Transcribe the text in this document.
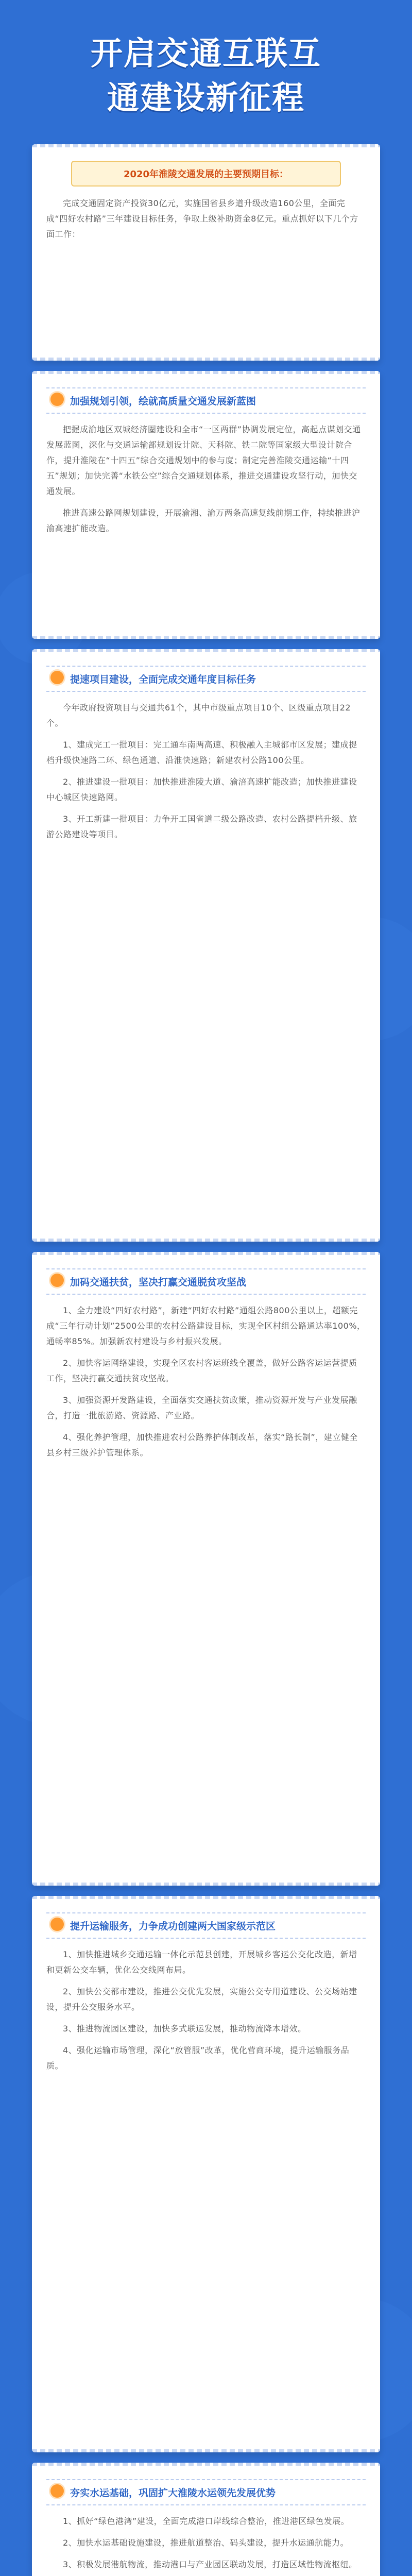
开启交通互联互
通建设新征程
2020年淮陵交通发展的主要预期目标：

完成交通固定资产投资30亿元，实施国省县乡道升级改造160公里，全面完成“四好农村路”三年建设目标任务，争取上级补助资金8亿元。重点抓好以下几个方面工作：

加强规划引领，绘就高质量交通发展新蓝图

把握成渝地区双城经济圈建设和全市“一区两群”协调发展定位，高起点谋划交通发展蓝图，深化与交通运输部规划设计院、天科院、铁二院等国家级大型设计院合作，提升淮陵在“十四五”综合交通规划中的参与度；制定完善淮陵交通运输“十四五”规划；加快完善“水铁公空”综合交通规划体系，推进交通建设攻坚行动，加快交通发展。

推进高速公路网规划建设，开展渝湘、渝万两条高速复线前期工作，持续推进沪渝高速扩能改造。

提速项目建设，全面完成交通年度目标任务

今年政府投资项目与交通共61个，其中市级重点项目10个、区级重点项目22个。

1、建成完工一批项目：完工通车南两高速、积极融入主城都市区发展；建成提档升级快速路二环、绿色通道、沿淮快速路；新建农村公路100公里。

2、推进建设一批项目：加快推进淮陵大道、渝涪高速扩能改造；加快推进建设中心城区快速路网。

3、开工新建一批项目：力争开工国省道二级公路改造、农村公路提档升级、旅游公路建设等项目。

加码交通扶贫，坚决打赢交通脱贫攻坚战

1、全力建设“四好农村路”，新建“四好农村路”通组公路800公里以上，超额完成“三年行动计划”2500公里的农村公路建设目标，实现全区村组公路通达率100%，通畅率85%。加强新农村建设与乡村振兴发展。

2、加快客运网络建设，实现全区农村客运班线全覆盖，做好公路客运运营提质工作，坚决打赢交通扶贫攻坚战。

3、加强资源开发路建设，全面落实交通扶贫政策，推动资源开发与产业发展融合，打造一批旅游路、资源路、产业路。

4、强化养护管理，加快推进农村公路养护体制改革，落实“路长制”，建立健全县乡村三级养护管理体系。

提升运输服务，力争成功创建两大国家级示范区

1、加快推进城乡交通运输一体化示范县创建，开展城乡客运公交化改造，新增和更新公交车辆，优化公交线网布局。

2、加快公交都市建设，推进公交优先发展，实施公交专用道建设、公交场站建设，提升公交服务水平。

3、推进物流园区建设，加快多式联运发展，推动物流降本增效。

4、强化运输市场管理，深化“放管服”改革，优化营商环境，提升运输服务品质。

夯实水运基础，巩固扩大淮陵水运领先发展优势

1、抓好“绿色港湾”建设，全面完成港口岸线综合整治，推进港区绿色发展。

2、加快水运基础设施建设，推进航道整治、码头建设，提升水运通航能力。

3、积极发展港航物流，推动港口与产业园区联动发展，打造区域性物流枢纽。
